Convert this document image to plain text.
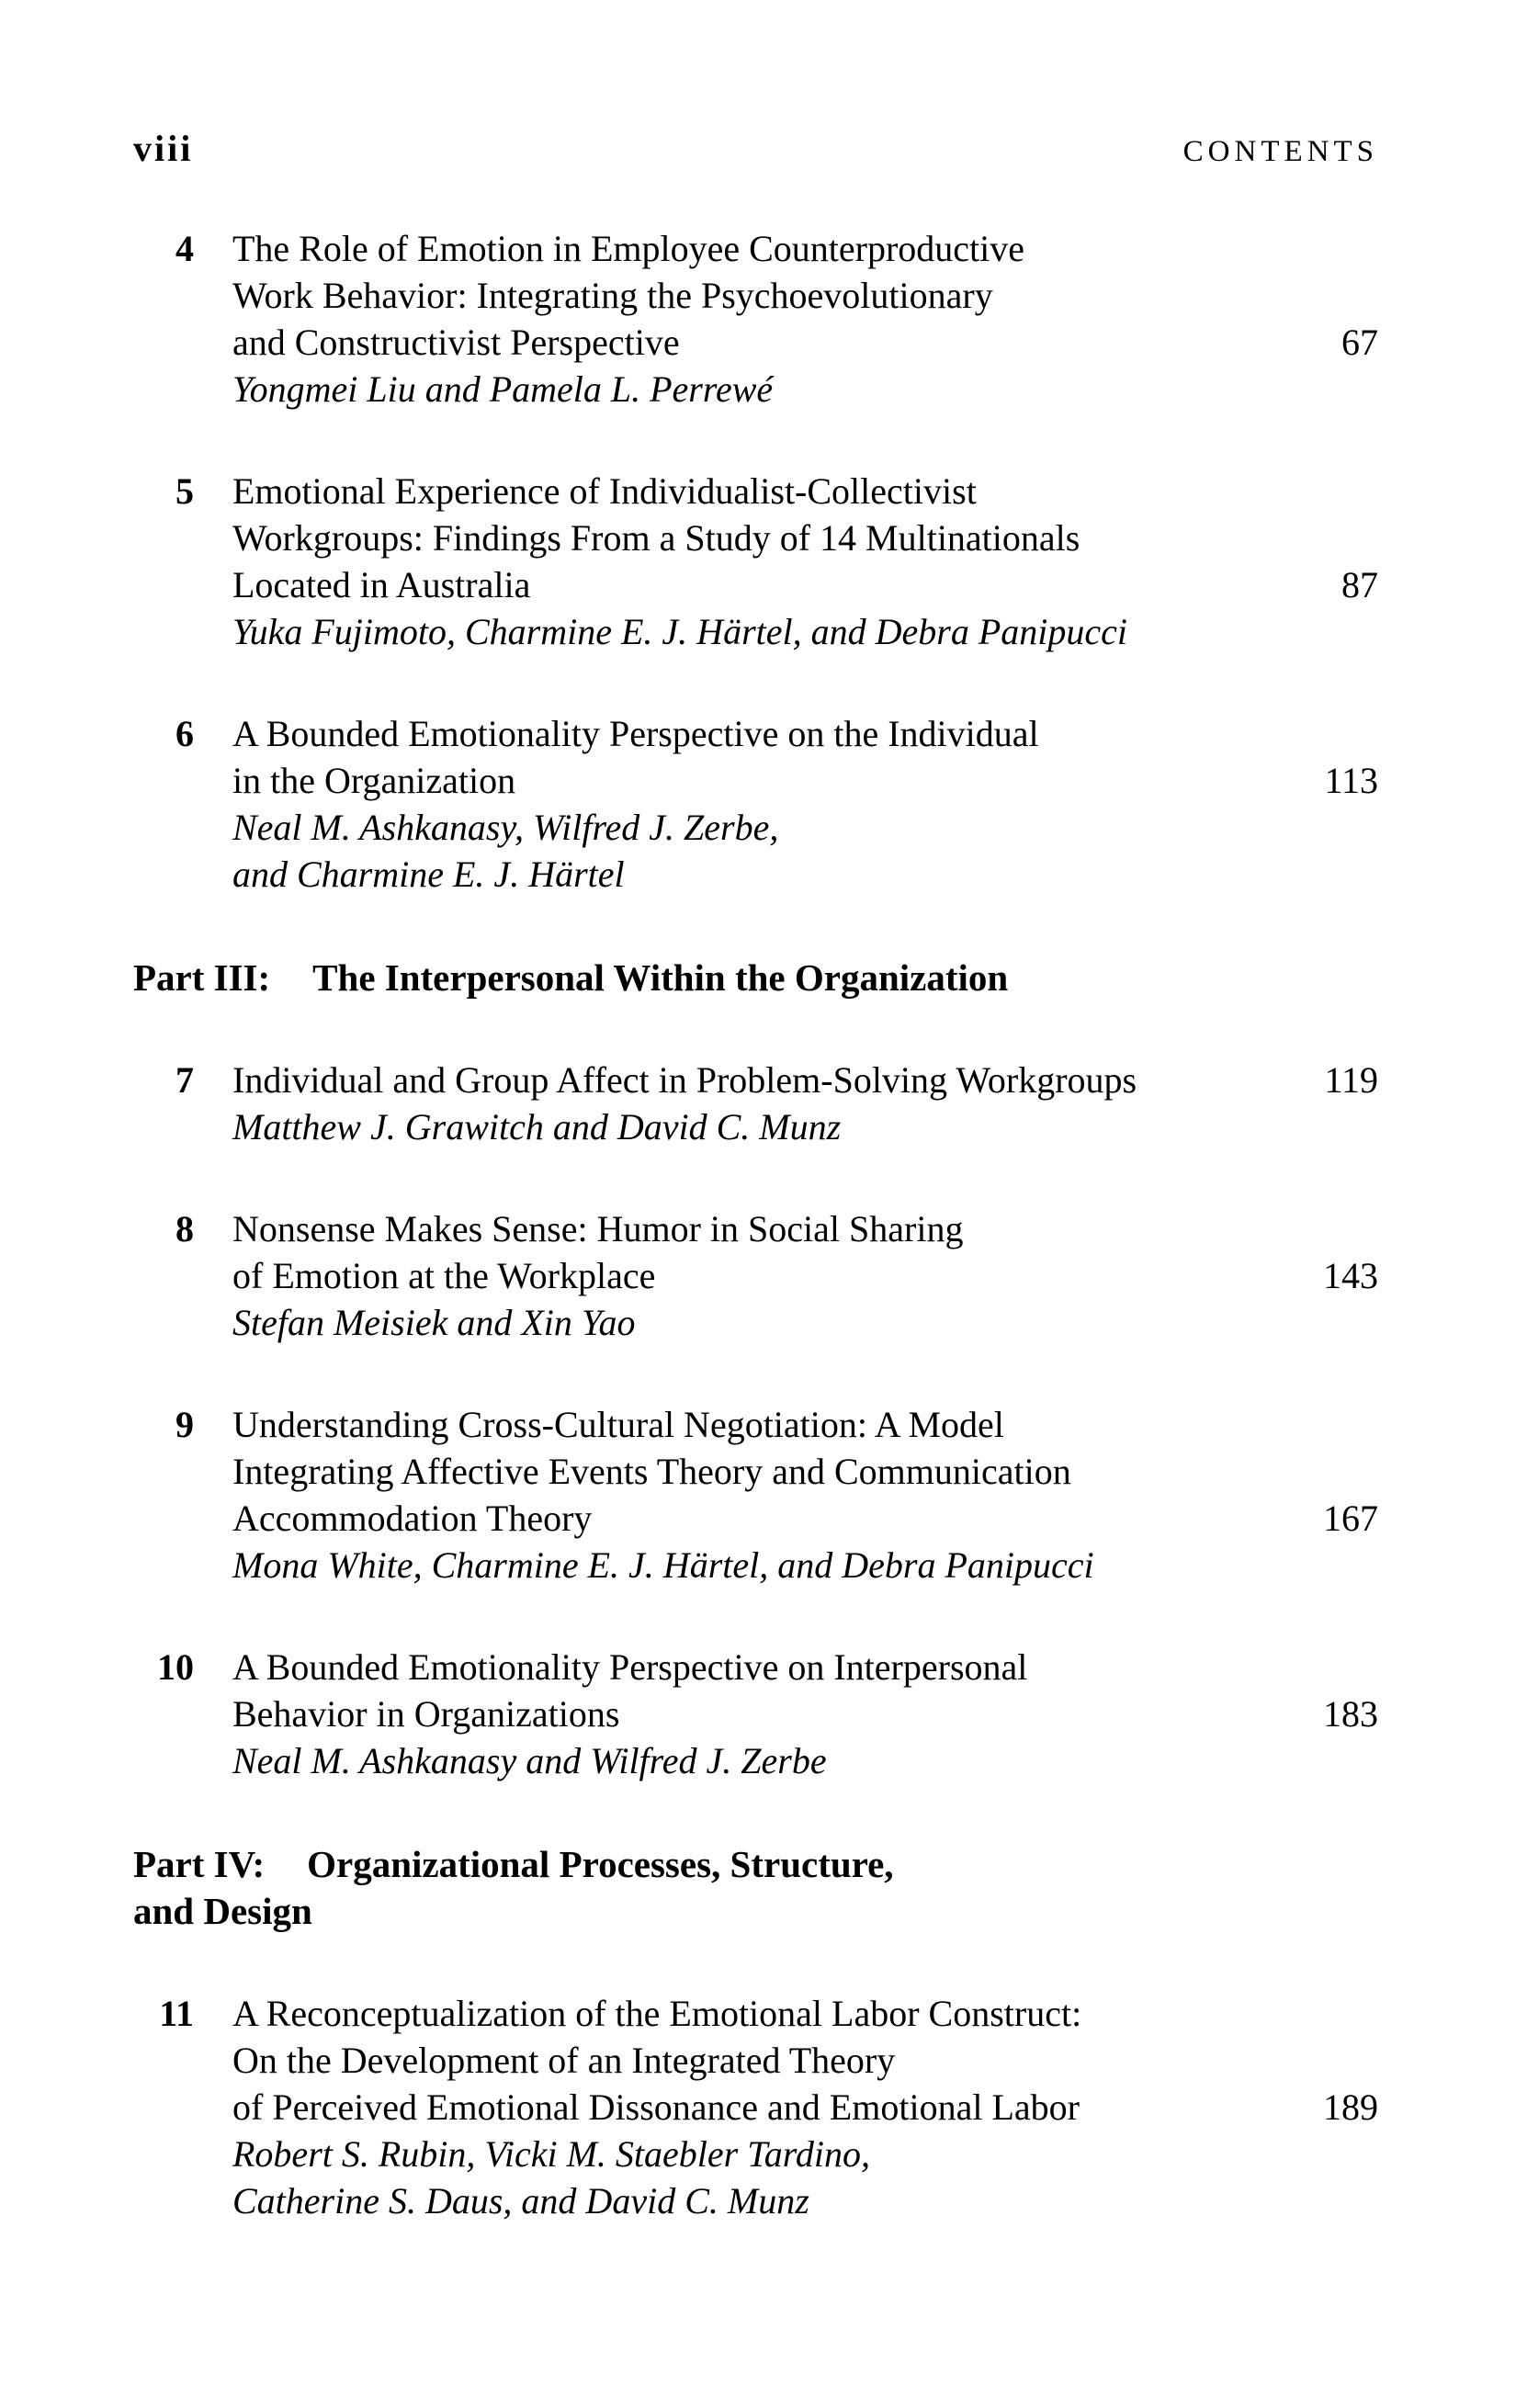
viii	CONTENTS
4 The Role of Emotion in Employee Counterproductive
Work Behavior: Integrating the Psychoevolutionary
and Constructivist Perspective	67
Yongmei Liu and Pamela L. Perrewé
5 Emotional Experience of Individualist-Collectivist
Workgroups: Findings From a Study of 14 Multinationals
Located in Australia	87
Yuka Fujimoto, Charmine E. J. Härtel, and Debra Panipucci
6 A Bounded Emotionality Perspective on the Individual
in the Organization	113
Neal M. Ashkanasy, Wilfred J. Zerbe,
and Charmine E. J. Härtel
Part III: The Interpersonal Within the Organization
7 Individual and Group Affect in Problem-Solving Workgroups	119
Matthew J. Grawitch and David C. Munz
8 Nonsense Makes Sense: Humor in Social Sharing
of Emotion at the Workplace	143
Stefan Meisiek and Xin Yao
9 Understanding Cross-Cultural Negotiation: A Model
Integrating Affective Events Theory and Communication
Accommodation Theory	167
Mona White, Charmine E. J. Härtel, and Debra Panipucci
10 A Bounded Emotionality Perspective on Interpersonal
Behavior in Organizations	183
Neal M. Ashkanasy and Wilfred J. Zerbe
Part IV: Organizational Processes, Structure,
and Design
11 A Reconceptualization of the Emotional Labor Construct:
On the Development of an Integrated Theory
of Perceived Emotional Dissonance and Emotional Labor	189
Robert S. Rubin, Vicki M. Staebler Tardino,
Catherine S. Daus, and David C. Munz
